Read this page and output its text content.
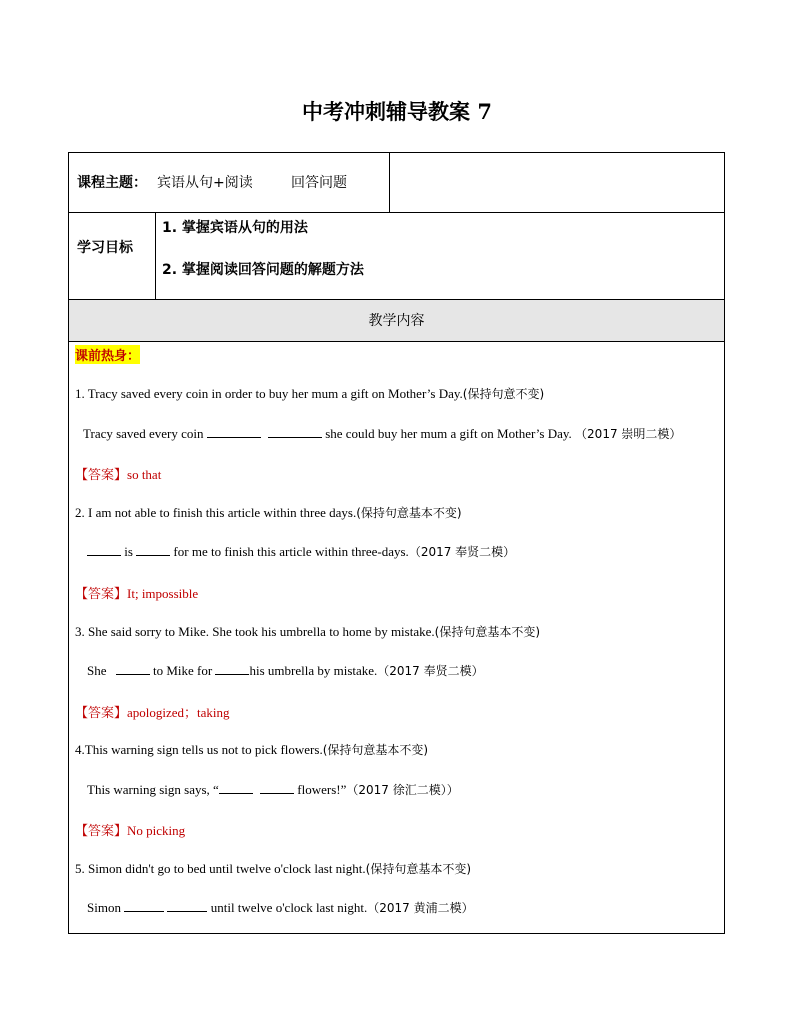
中考冲刺辅导教案 7
课程主题： 宾语从句+阅读	回答问题
学习目标
1. 掌握宾语从句的用法
2. 掌握阅读回答问题的解题方法
教学内容
课前热身：
1. Tracy saved every coin in order to buy her mum a gift on Mother’s Day.(保持句意不变)
Tracy saved every coin	she could buy her mum a gift on Mother’s Day. （2017 崇明二模）
【答案】so that
2. I am not able to finish this article within three days.(保持句意基本不变)
is	for me to finish this article within three-days.（2017 奉贤二模）
【答案】It; impossible
3. She said sorry to Mike. She took his umbrella to home by mistake.(保持句意基本不变)
She	to Mike for	his umbrella by mistake.（2017 奉贤二模）
【答案】apologized；taking
4.This warning sign tells us not to pick flowers.(保持句意基本不变)
This warning sign says, “	flowers!”（2017 徐汇二模））
【答案】No picking
5. Simon didn't go to bed until twelve o'clock last night.(保持句意基本不变)
Simon	until twelve o'clock last night.（2017 黄浦二模）
